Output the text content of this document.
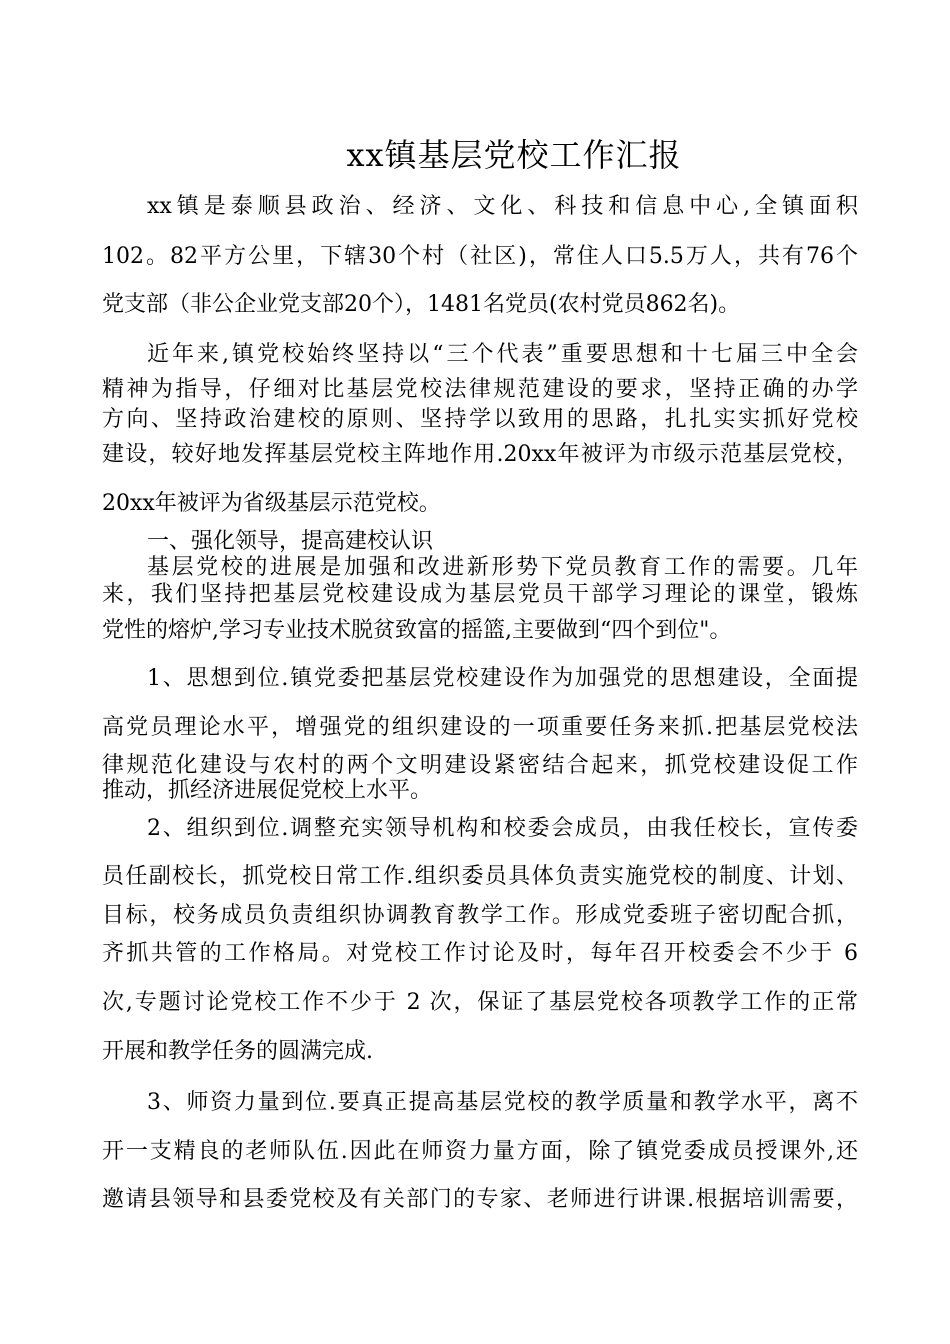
xx镇基层党校工作汇报
xx镇是泰顺县政治、经济、文化、科技和信息中心,全镇面积
102。82平方公里，下辖30个村（社区)，常住人口5.5万人，共有76个
党支部（非公企业党支部20个），1481名党员(农村党员862名)。
近年来,镇党校始终坚持以“三个代表”重要思想和十七届三中全会
精神为指导，仔细对比基层党校法律规范建设的要求，坚持正确的办学
方向、坚持政治建校的原则、坚持学以致用的思路，扎扎实实抓好党校
建设，较好地发挥基层党校主阵地作用.20xx年被评为市级示范基层党校，
20xx年被评为省级基层示范党校。
一、强化领导，提高建校认识
基层党校的进展是加强和改进新形势下党员教育工作的需要。几年
来，我们坚持把基层党校建设成为基层党员干部学习理论的课堂，锻炼
党性的熔炉,学习专业技术脱贫致富的摇篮,主要做到“四个到位"。
1、思想到位.镇党委把基层党校建设作为加强党的思想建设，全面提
高党员理论水平，增强党的组织建设的一项重要任务来抓.把基层党校法
律规范化建设与农村的两个文明建设紧密结合起来，抓党校建设促工作
推动，抓经济进展促党校上水平。
2、组织到位.调整充实领导机构和校委会成员，由我任校长，宣传委
员任副校长，抓党校日常工作.组织委员具体负责实施党校的制度、计划、
目标，校务成员负责组织协调教育教学工作。形成党委班子密切配合抓，
齐抓共管的工作格局。对党校工作讨论及时，每年召开校委会不少于 6
次,专题讨论党校工作不少于 2 次，保证了基层党校各项教学工作的正常
开展和教学任务的圆满完成.
3、师资力量到位.要真正提高基层党校的教学质量和教学水平，离不
开一支精良的老师队伍.因此在师资力量方面，除了镇党委成员授课外,还
邀请县领导和县委党校及有关部门的专家、老师进行讲课.根据培训需要，
